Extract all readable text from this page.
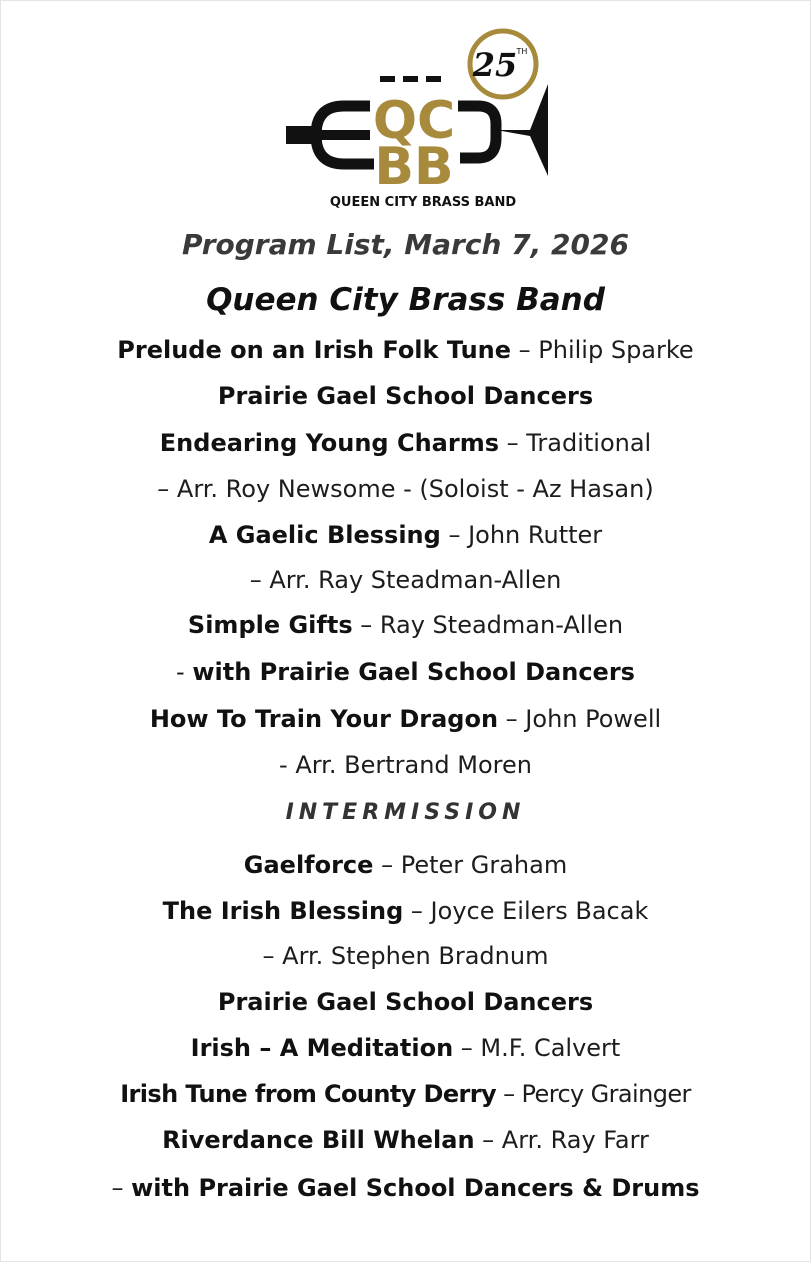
25 TH
QC
BB
QUEEN CITY BRASS BAND
Program List, March 7, 2026
Queen City Brass Band
Prelude on an Irish Folk Tune – Philip Sparke
Prairie Gael School Dancers
Endearing Young Charms – Traditional
– Arr. Roy Newsome - (Soloist - Az Hasan)
A Gaelic Blessing – John Rutter
– Arr. Ray Steadman-Allen
Simple Gifts – Ray Steadman-Allen
- with Prairie Gael School Dancers
How To Train Your Dragon – John Powell
- Arr. Bertrand Moren
INTERMISSION
Gaelforce – Peter Graham
The Irish Blessing – Joyce Eilers Bacak
– Arr. Stephen Bradnum
Prairie Gael School Dancers
Irish – A Meditation – M.F. Calvert
Irish Tune from County Derry – Percy Grainger
Riverdance Bill Whelan – Arr. Ray Farr
– with Prairie Gael School Dancers & Drums
